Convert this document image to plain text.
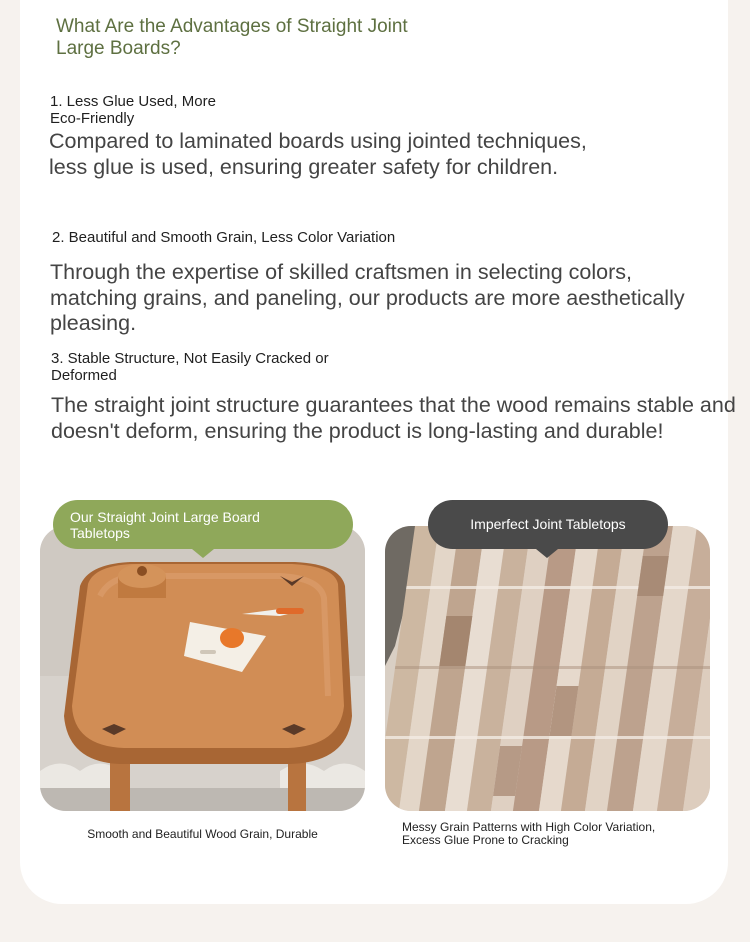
What Are the Advantages of Straight Joint Large Boards?
1. Less Glue Used, More Eco-Friendly
Compared to laminated boards using jointed techniques, less glue is used, ensuring greater safety for children.
2. Beautiful and Smooth Grain, Less Color Variation
Through the expertise of skilled craftsmen in selecting colors, matching grains, and paneling, our products are more aesthetically pleasing.
3. Stable Structure, Not Easily Cracked or Deformed
The straight joint structure guarantees that the wood remains stable and doesn't deform, ensuring the product is long-lasting and durable!
Our Straight Joint Large Board Tabletops
Imperfect Joint Tabletops
Smooth and Beautiful Wood Grain, Durable	Messy Grain Patterns with High Color Variation, Excess Glue Prone to Cracking
